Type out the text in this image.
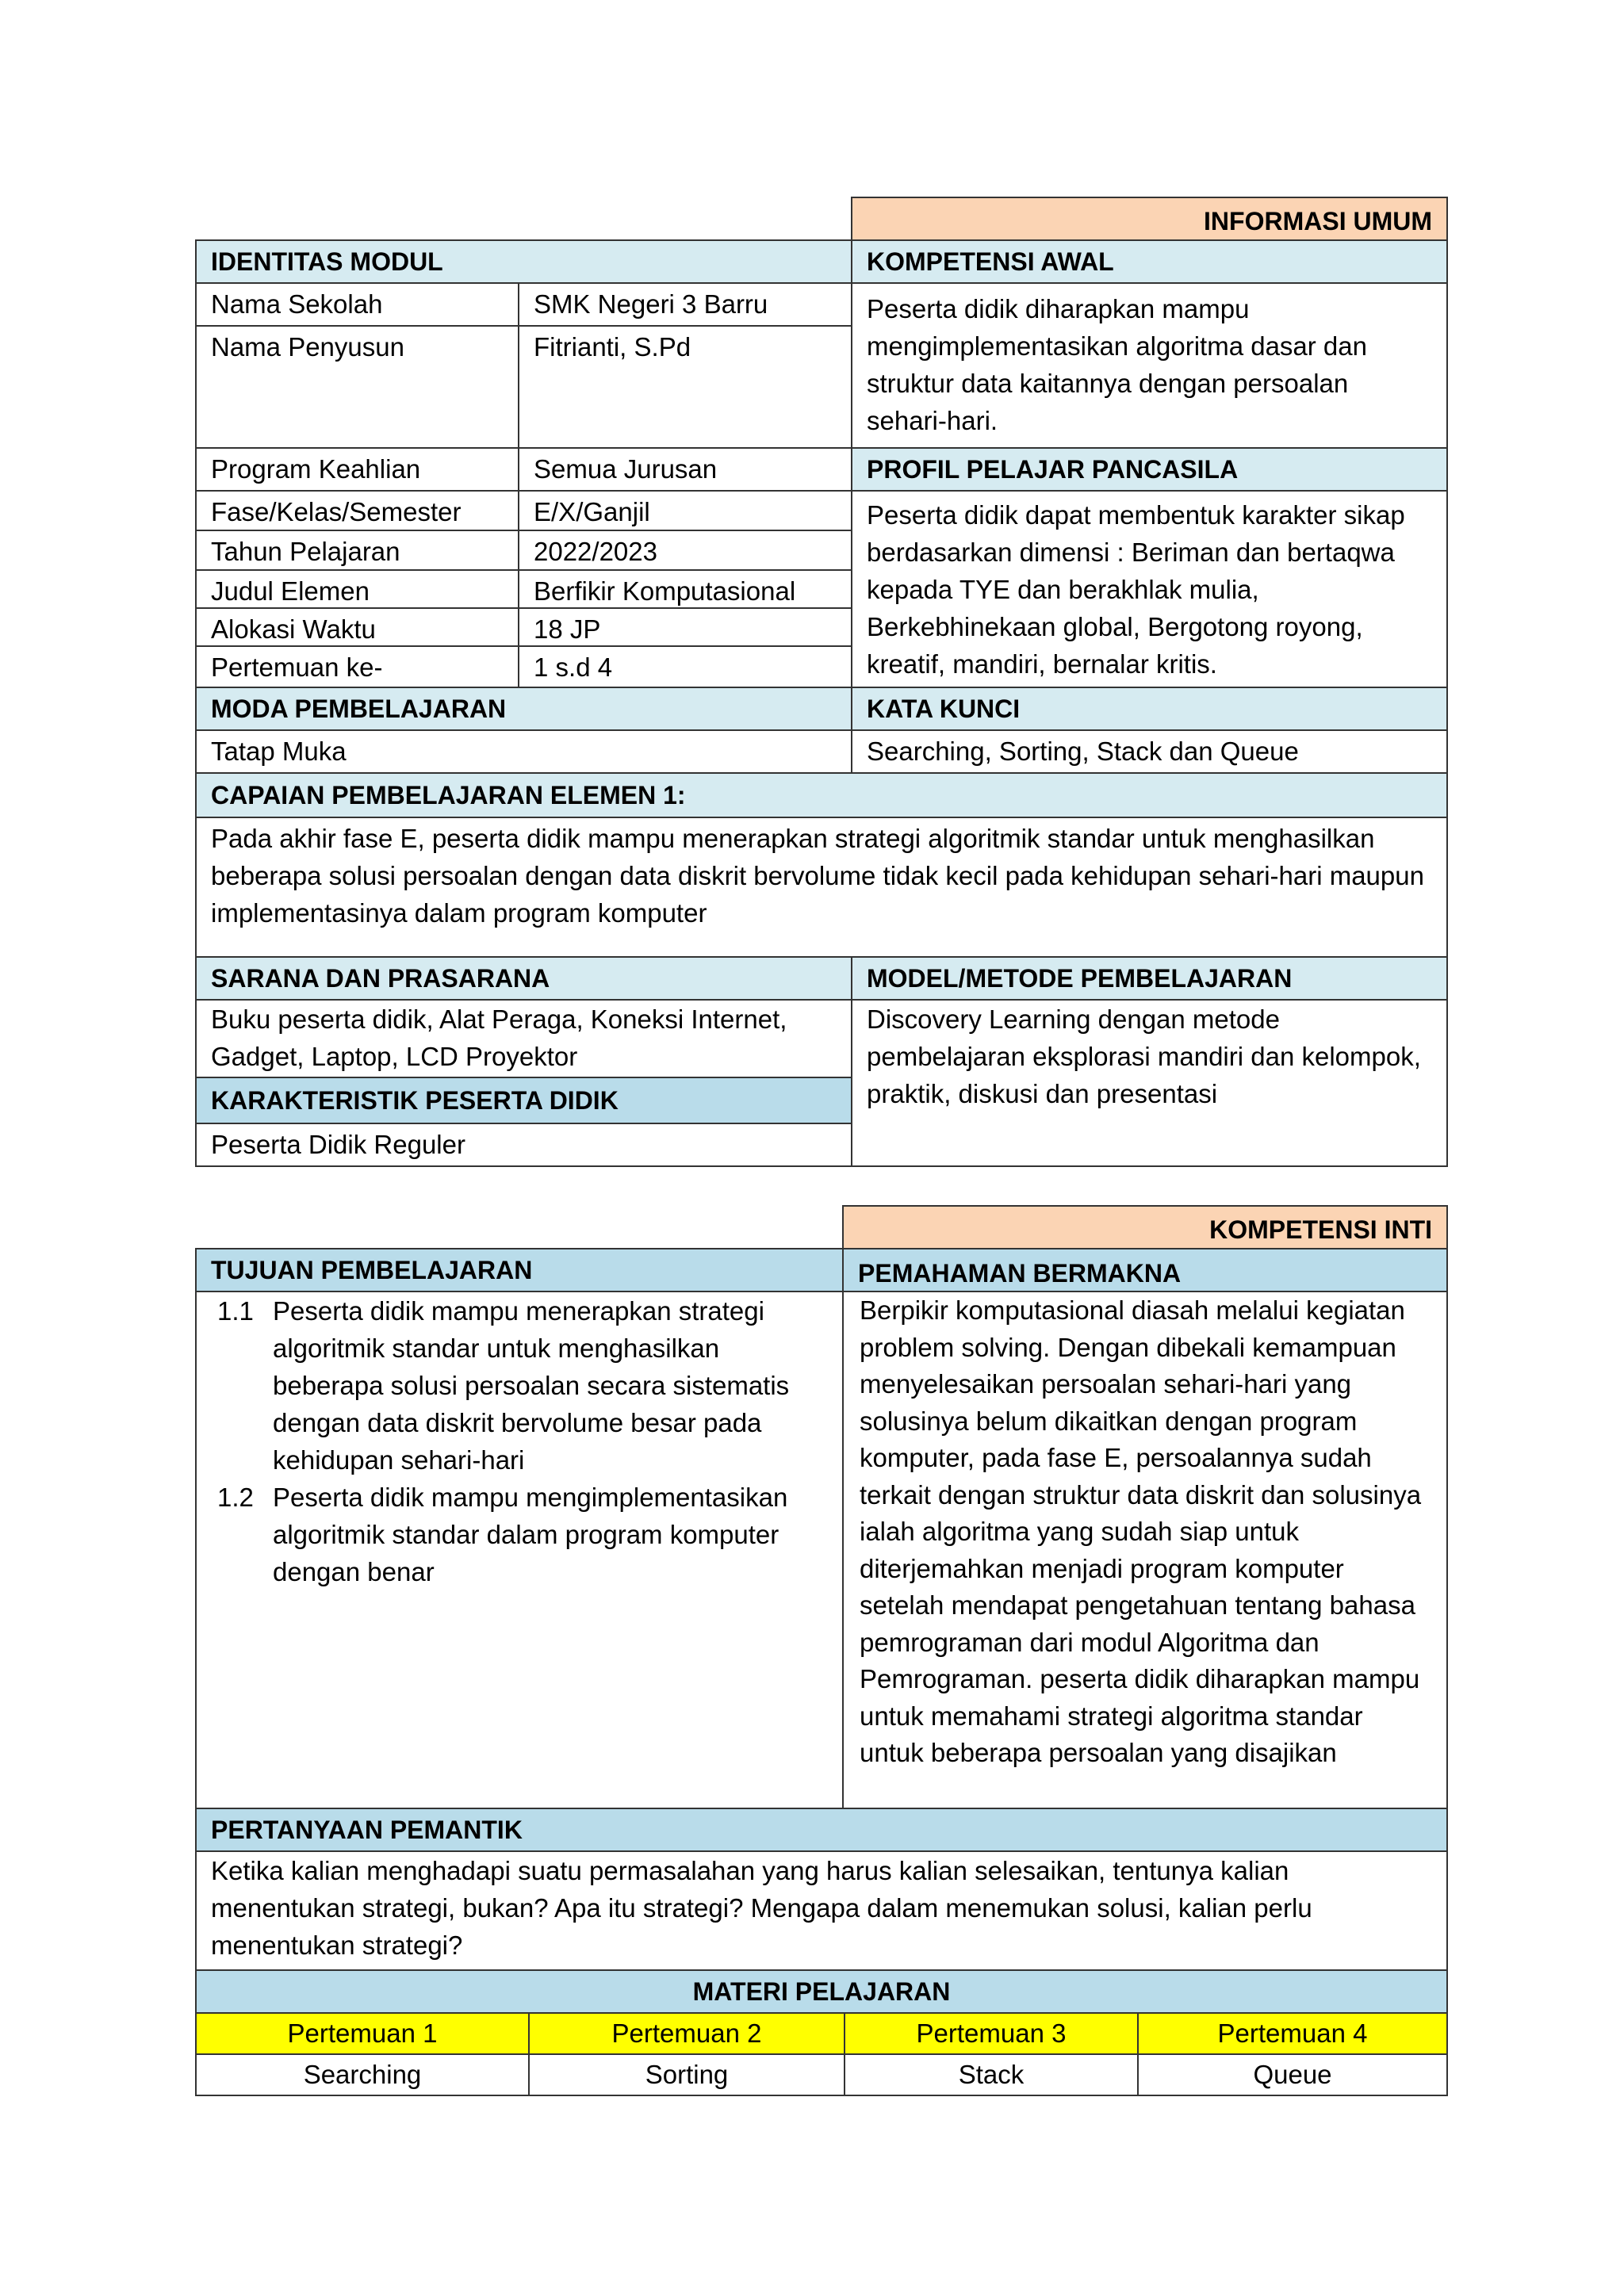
INFORMASI UMUM
IDENTITAS MODUL	KOMPETENSI AWAL
Nama Sekolah	SMK Negeri 3 Barru
Nama Penyusun	Fitrianti, S.Pd
Peserta didik diharapkan mampu mengimplementasikan algoritma dasar dan struktur data kaitannya dengan persoalan sehari-hari.
Program Keahlian	Semua Jurusan	PROFIL PELAJAR PANCASILA
Fase/Kelas/Semester	E/X/Ganjil
Tahun Pelajaran	2022/2023
Judul Elemen	Berfikir Komputasional
Alokasi Waktu	18 JP
Pertemuan ke-	1 s.d 4
Peserta didik dapat membentuk karakter sikap berdasarkan dimensi : Beriman dan bertaqwa kepada TYE dan berakhlak mulia, Berkebhinekaan global, Bergotong royong, kreatif, mandiri, bernalar kritis.
MODA PEMBELAJARAN	KATA KUNCI
Tatap Muka	Searching, Sorting, Stack dan Queue
CAPAIAN PEMBELAJARAN ELEMEN 1:
Pada akhir fase E, peserta didik mampu menerapkan strategi algoritmik standar untuk menghasilkan beberapa solusi persoalan dengan data diskrit bervolume tidak kecil pada kehidupan sehari-hari maupun implementasinya dalam program komputer
SARANA DAN PRASARANA	MODEL/METODE PEMBELAJARAN
Buku peserta didik, Alat Peraga, Koneksi Internet, Gadget, Laptop, LCD Proyektor
Discovery Learning dengan metode pembelajaran eksplorasi mandiri dan kelompok, praktik, diskusi dan presentasi
KARAKTERISTIK PESERTA DIDIK
Peserta Didik Reguler
KOMPETENSI INTI
TUJUAN PEMBELAJARAN	PEMAHAMAN BERMAKNA
1.1 Peserta didik mampu menerapkan strategi algoritmik standar untuk menghasilkan beberapa solusi persoalan secara sistematis dengan data diskrit bervolume besar pada kehidupan sehari-hari
1.2 Peserta didik mampu mengimplementasikan algoritmik standar dalam program komputer dengan benar
Berpikir komputasional diasah melalui kegiatan problem solving. Dengan dibekali kemampuan menyelesaikan persoalan sehari-hari yang solusinya belum dikaitkan dengan program komputer, pada fase E, persoalannya sudah terkait dengan struktur data diskrit dan solusinya ialah algoritma yang sudah siap untuk diterjemahkan menjadi program komputer setelah mendapat pengetahuan tentang bahasa pemrograman dari modul Algoritma dan Pemrograman. peserta didik diharapkan mampu untuk memahami strategi algoritma standar untuk beberapa persoalan yang disajikan
PERTANYAAN PEMANTIK
Ketika kalian menghadapi suatu permasalahan yang harus kalian selesaikan, tentunya kalian menentukan strategi, bukan? Apa itu strategi? Mengapa dalam menemukan solusi, kalian perlu menentukan strategi?
MATERI PELAJARAN
Pertemuan 1	Pertemuan 2	Pertemuan 3	Pertemuan 4
Searching	Sorting	Stack	Queue
